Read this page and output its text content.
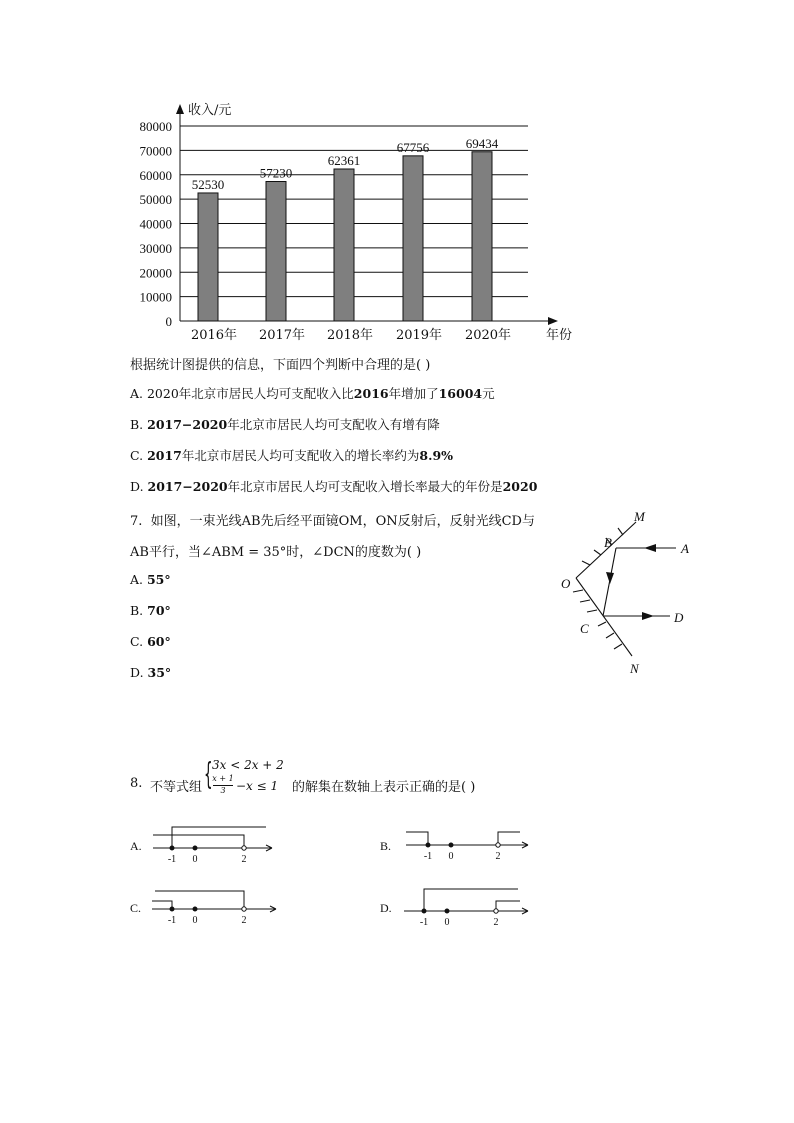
0
10000
20000
30000
40000
50000
60000
70000
80000
收入/元
年份
52530
2016年
57230
2017年
62361
2018年
67756
2019年
69434
2020年
根据统计图提供的信息，下面四个判断中合理的是( )
A. 2020年北京市居民人均可支配收入比2016年增加了16004元
B. 2017−2020年北京市居民人均可支配收入有增有降
C. 2017年北京市居民人均可支配收入的增长率约为8.9%
D. 2017−2020年北京市居民人均可支配收入增长率最大的年份是2020
7. 如图，一束光线AB先后经平面镜OM，ON反射后，反射光线CD与
AB平行，当∠ABM = 35°时，∠DCN的度数为( )
A. 55°
B. 70°
C. 60°
D. 35°
M
A
B
O
C
D
N
8. 不等式组 { 3x < 2x + 2
x + 1
3 −x ≤ 1 的解集在数轴上表示正确的是( )
A.	B.
C.	D.
-1 0	2	-1 0	2
-1 0	2	-1 0	2
